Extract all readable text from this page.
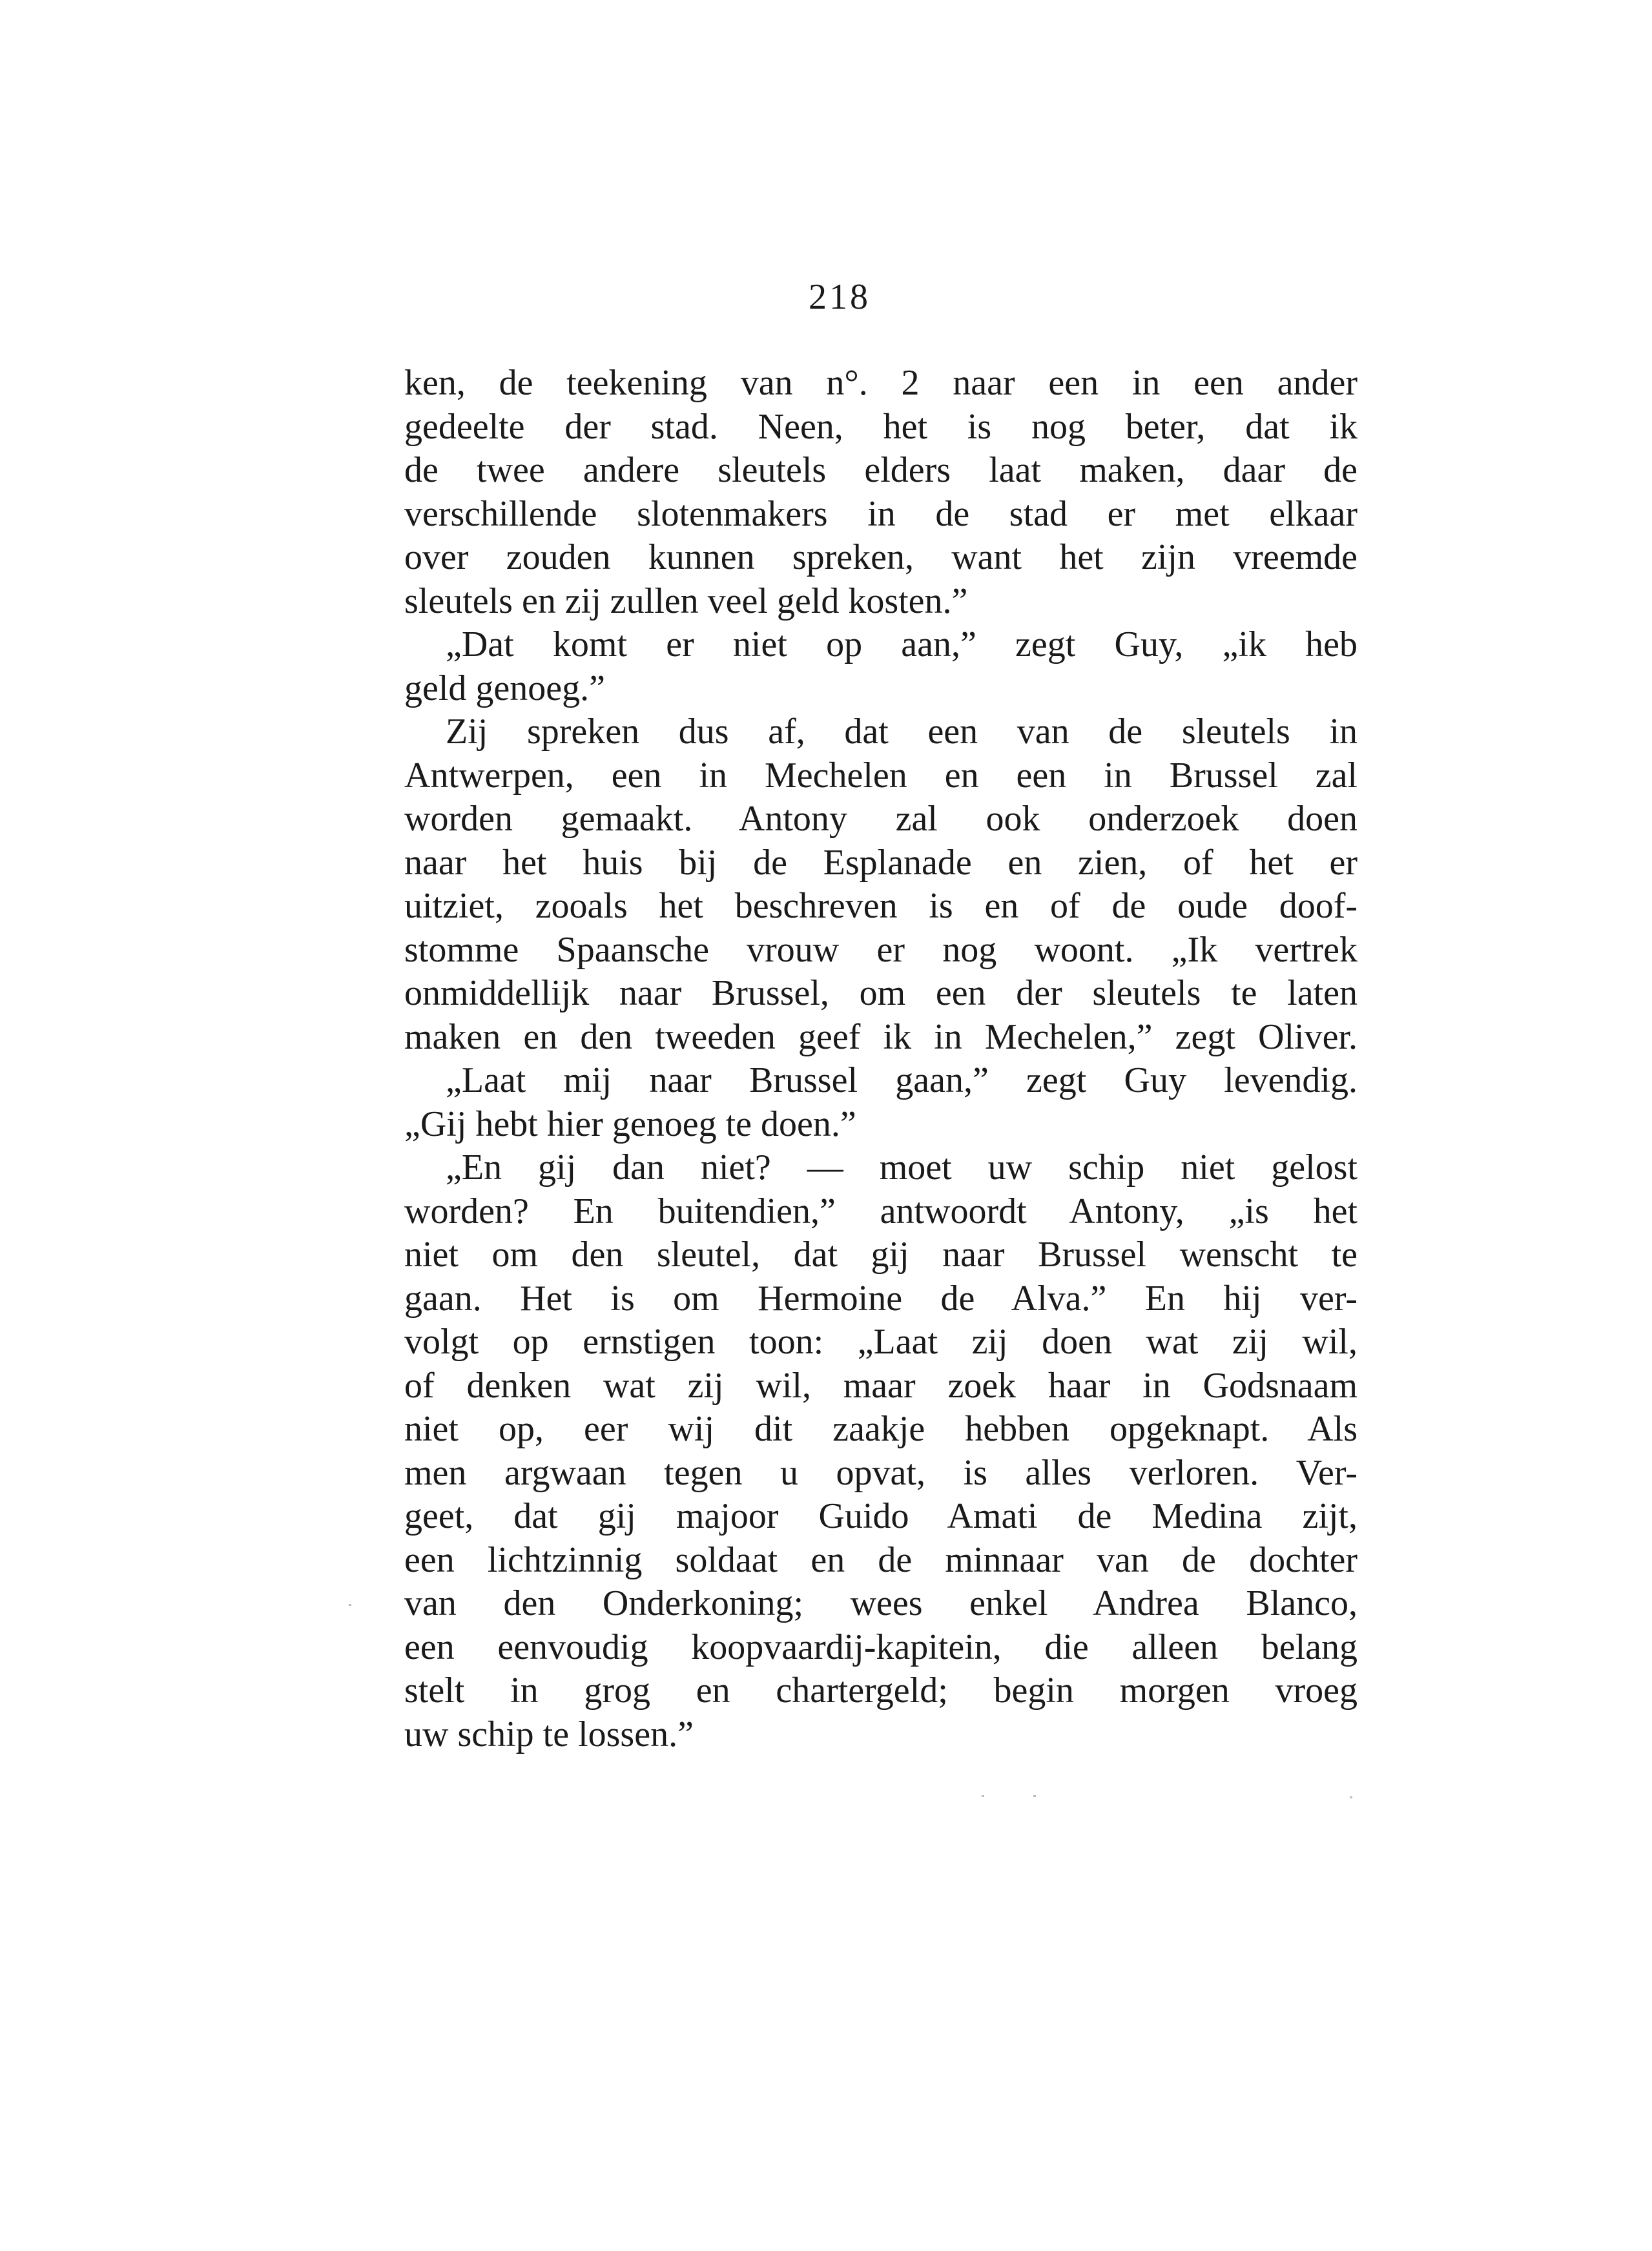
218
ken, de teekening van n°. 2 naar een in een ander
gedeelte der stad. Neen, het is nog beter, dat ik
de twee andere sleutels elders laat maken, daar de
verschillende slotenmakers in de stad er met elkaar
over zouden kunnen spreken, want het zijn vreemde
sleutels en zij zullen veel geld kosten.”
„Dat komt er niet op aan,” zegt Guy, „ik heb
geld genoeg.”
Zij spreken dus af, dat een van de sleutels in
Antwerpen, een in Mechelen en een in Brussel zal
worden gemaakt. Antony zal ook onderzoek doen
naar het huis bij de Esplanade en zien, of het er
uitziet, zooals het beschreven is en of de oude doof-
stomme Spaansche vrouw er nog woont. „Ik vertrek
onmiddellijk naar Brussel, om een der sleutels te laten
maken en den tweeden geef ik in Mechelen,” zegt Oliver.
„Laat mij naar Brussel gaan,” zegt Guy levendig.
„Gij hebt hier genoeg te doen.”
„En gij dan niet? — moet uw schip niet gelost
worden? En buitendien,” antwoordt Antony, „is het
niet om den sleutel, dat gij naar Brussel wenscht te
gaan. Het is om Hermoine de Alva.” En hij ver-
volgt op ernstigen toon: „Laat zij doen wat zij wil,
of denken wat zij wil, maar zoek haar in Godsnaam
niet op, eer wij dit zaakje hebben opgeknapt. Als
men argwaan tegen u opvat, is alles verloren. Ver-
geet, dat gij majoor Guido Amati de Medina zijt,
een lichtzinnig soldaat en de minnaar van de dochter
van den Onderkoning; wees enkel Andrea Blanco,
een eenvoudig koopvaardij-kapitein, die alleen belang
stelt in grog en chartergeld; begin morgen vroeg
uw schip te lossen.”
